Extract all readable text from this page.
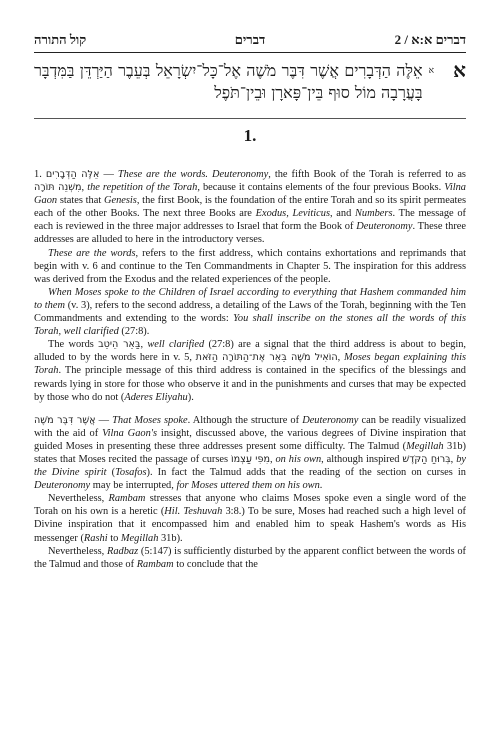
קול התורה	דברים	2 / דברים א:א
א
א
אֵלֶּה הַדְּבָרִים אֲשֶׁר דִּבֶּר מֹשֶׁה אֶל־כָּל־יִשְׂרָאֵל בְּעֵבֶר הַיַּרְדֵּן בַּמִּדְבָּר בָּעֲרָבָה מוֹל סוּף בֵּין־פָּארָן וּבֵין־תֹּפֶל
1.

1. אֵלֶּה הַדְּבָרִים — These are the words. Deuteronomy, the fifth Book of the Torah is referred to as מִשְׁנֵה תּוֹרָה, the repetition of the Torah, because it contains elements of the four previous Books. Vilna Gaon states that Genesis, the first Book, is the foundation of the entire Torah and so its spirit permeates each of the other Books. The next three Books are Exodus, Leviticus, and Numbers. The message of each is reviewed in the three major addresses to Israel that form the Book of Deuteronomy. These three addresses are alluded to here in the introductory verses.

These are the words, refers to the first address, which contains exhortations and reprimands that begin with v. 6 and continue to the Ten Commandments in Chapter 5. The inspiration for this address was derived from the Exodus and the related experiences of the people.

When Moses spoke to the Children of Israel according to everything that Hashem commanded him to them (v. 3), refers to the second address, a detailing of the Laws of the Torah, beginning with the Ten Commandments and extending to the words: You shall inscribe on the stones all the words of this Torah, well clarified (27:8).

The words בַּאֵר הֵיטֵב, well clarified (27:8) are a signal that the third address is about to begin, alluded to by the words here in v. 5, הוֹאִיל מֹשֶׁה בֵּאֵר אֶת־הַתּוֹרָה הַזֹּאת, Moses began explaining this Torah. The principle message of this third address is contained in the specifics of the blessings and rewards lying in store for those who observe it and in the punishments and curses that may be expected by those who do not (Aderes Eliyahu).

אֲשֶׁר דִּבֶּר מֹשֶׁה — That Moses spoke. Although the structure of Deuteronomy can be readily visualized with the aid of Vilna Gaon's insight, discussed above, the various degrees of Divine inspiration that guided Moses in presenting these three addresses present some difficulty. The Talmud (Megillah 31b) states that Moses recited the passage of curses מִפִּי עַצְמוֹ, on his own, although inspired בְּרוּחַ הַקֹּדֶשׁ, by the Divine spirit (Tosafos). In fact the Talmud adds that the reading of the section on curses in Deuteronomy may be interrupted, for Moses uttered them on his own.

Nevertheless, Rambam stresses that anyone who claims Moses spoke even a single word of the Torah on his own is a heretic (Hil. Teshuvah 3:8.) To be sure, Moses had reached such a high level of Divine inspiration that it encompassed him and enabled him to speak Hashem's words as His messenger (Rashi to Megillah 31b).

Nevertheless, Radbaz (5:147) is sufficiently disturbed by the apparent conflict between the words of the Talmud and those of Rambam to conclude that the
